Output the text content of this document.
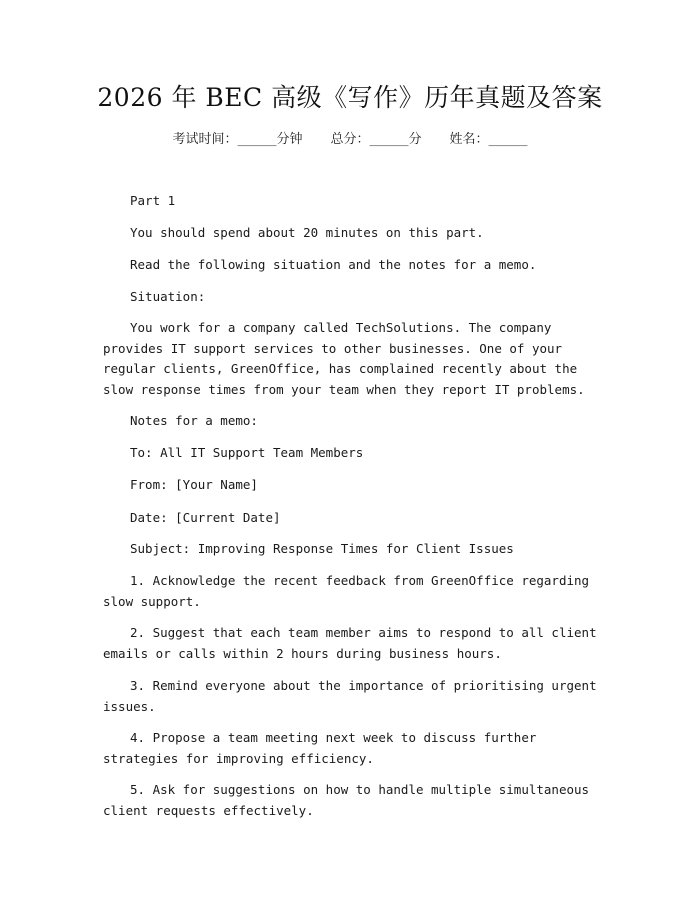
2026 年 BEC 高级《写作》历年真题及答案
考试时间：______分钟 总分：______分 姓名：______

Part 1

You should spend about 20 minutes on this part.

Read the following situation and the notes for a memo.

Situation:

You work for a company called TechSolutions. The company provides IT support services to other businesses. One of your regular clients, GreenOffice, has complained recently about the slow response times from your team when they report IT problems.

Notes for a memo:

To: All IT Support Team Members

From: [Your Name]

Date: [Current Date]

Subject: Improving Response Times for Client Issues

1. Acknowledge the recent feedback from GreenOffice regarding slow support.

2. Suggest that each team member aims to respond to all client emails or calls within 2 hours during business hours.

3. Remind everyone about the importance of prioritising urgent issues.

4. Propose a team meeting next week to discuss further strategies for improving efficiency.

5. Ask for suggestions on how to handle multiple simultaneous client requests effectively.
